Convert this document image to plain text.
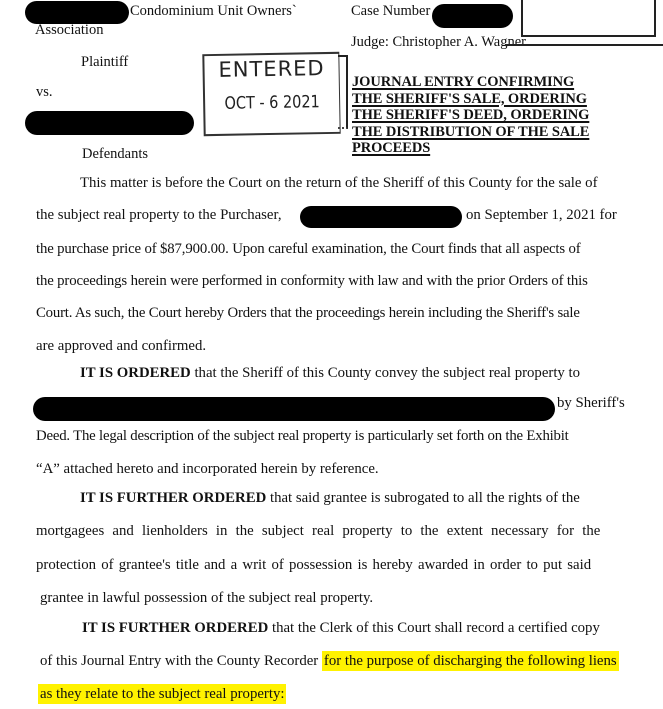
Condominium Unit Owners`
Association
Plaintiff
vs.
Defendants
ENTERED
OCT - 6 2021
Case Number
Judge: Christopher A. Wagner
JOURNAL ENTRY CONFIRMING
THE SHERIFF'S SALE, ORDERING
THE SHERIFF'S DEED, ORDERING
THE DISTRIBUTION OF THE SALE
PROCEEDS
This matter is before the Court on the return of the Sheriff of this County for the sale of
the subject real property to the Purchaser,	on September 1, 2021 for
the purchase price of $87,900.00. Upon careful examination, the Court finds that all aspects of
the proceedings herein were performed in conformity with law and with the prior Orders of this
Court. As such, the Court hereby Orders that the proceedings herein including the Sheriff's sale
are approved and confirmed.
IT IS ORDERED that the Sheriff of this County convey the subject real property to
by Sheriff's
Deed. The legal description of the subject real property is particularly set forth on the Exhibit
“A” attached hereto and incorporated herein by reference.
IT IS FURTHER ORDERED that said grantee is subrogated to all the rights of the
mortgagees and lienholders in the subject real property to the extent necessary for the
protection of grantee's title and a writ of possession is hereby awarded in order to put said
grantee in lawful possession of the subject real property.
IT IS FURTHER ORDERED that the Clerk of this Court shall record a certified copy
of this Journal Entry with the County Recorder for the purpose of discharging the following liens
as they relate to the subject real property:
